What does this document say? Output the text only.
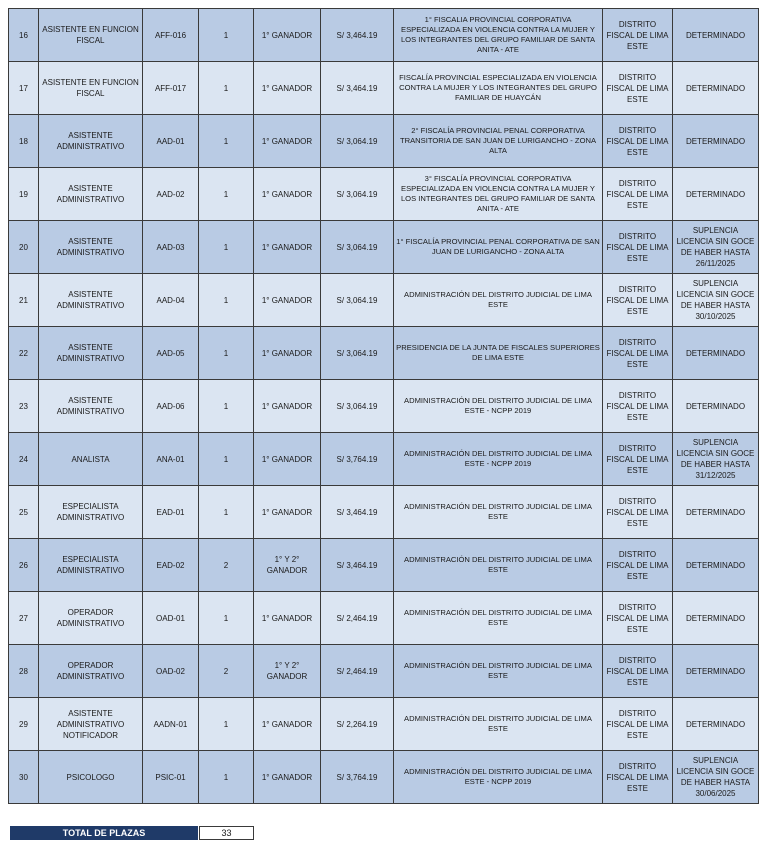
16	ASISTENTE EN FUNCION FISCAL	AFF-016	1	1° GANADOR	S/ 3,464.19	1° FISCALIA PROVINCIAL CORPORATIVA ESPECIALIZADA EN VIOLENCIA CONTRA LA MUJER Y LOS INTEGRANTES DEL GRUPO FAMILIAR DE SANTA ANITA - ATE	DISTRITO FISCAL DE LIMA ESTE	DETERMINADO
17	ASISTENTE EN FUNCION FISCAL	AFF-017	1	1° GANADOR	S/ 3,464.19	FISCALÍA PROVINCIAL ESPECIALIZADA EN VIOLENCIA CONTRA LA MUJER Y LOS INTEGRANTES DEL GRUPO FAMILIAR DE HUAYCÁN	DISTRITO FISCAL DE LIMA ESTE	DETERMINADO
18	ASISTENTE ADMINISTRATIVO	AAD-01	1	1° GANADOR	S/ 3,064.19	2° FISCALÍA PROVINCIAL PENAL CORPORATIVA TRANSITORIA DE SAN JUAN DE LURIGANCHO - ZONA ALTA	DISTRITO FISCAL DE LIMA ESTE	DETERMINADO
19	ASISTENTE ADMINISTRATIVO	AAD-02	1	1° GANADOR	S/ 3,064.19	3° FISCALÍA PROVINCIAL CORPORATIVA ESPECIALIZADA EN VIOLENCIA CONTRA LA MUJER Y LOS INTEGRANTES DEL GRUPO FAMILIAR DE SANTA ANITA - ATE	DISTRITO FISCAL DE LIMA ESTE	DETERMINADO
20	ASISTENTE ADMINISTRATIVO	AAD-03	1	1° GANADOR	S/ 3,064.19	1° FISCALÍA PROVINCIAL PENAL CORPORATIVA DE SAN JUAN DE LURIGANCHO - ZONA ALTA	DISTRITO FISCAL DE LIMA ESTE	SUPLENCIA LICENCIA SIN GOCE DE HABER HASTA 26/11/2025
21	ASISTENTE ADMINISTRATIVO	AAD-04	1	1° GANADOR	S/ 3,064.19	ADMINISTRACIÓN DEL DISTRITO JUDICIAL DE LIMA ESTE	DISTRITO FISCAL DE LIMA ESTE	SUPLENCIA LICENCIA SIN GOCE DE HABER HASTA 30/10/2025
22	ASISTENTE ADMINISTRATIVO	AAD-05	1	1° GANADOR	S/ 3,064.19	PRESIDENCIA DE LA JUNTA DE FISCALES SUPERIORES DE LIMA ESTE	DISTRITO FISCAL DE LIMA ESTE	DETERMINADO
23	ASISTENTE ADMINISTRATIVO	AAD-06	1	1° GANADOR	S/ 3,064.19	ADMINISTRACIÓN DEL DISTRITO JUDICIAL DE LIMA ESTE - NCPP 2019	DISTRITO FISCAL DE LIMA ESTE	DETERMINADO
24	ANALISTA	ANA-01	1	1° GANADOR	S/ 3,764.19	ADMINISTRACIÓN DEL DISTRITO JUDICIAL DE LIMA ESTE - NCPP 2019	DISTRITO FISCAL DE LIMA ESTE	SUPLENCIA LICENCIA SIN GOCE DE HABER HASTA 31/12/2025
25	ESPECIALISTA ADMINISTRATIVO	EAD-01	1	1° GANADOR	S/ 3,464.19	ADMINISTRACIÓN DEL DISTRITO JUDICIAL DE LIMA ESTE	DISTRITO FISCAL DE LIMA ESTE	DETERMINADO
26	ESPECIALISTA ADMINISTRATIVO	EAD-02	2	1° Y 2° GANADOR	S/ 3,464.19	ADMINISTRACIÓN DEL DISTRITO JUDICIAL DE LIMA ESTE	DISTRITO FISCAL DE LIMA ESTE	DETERMINADO
27	OPERADOR ADMINISTRATIVO	OAD-01	1	1° GANADOR	S/ 2,464.19	ADMINISTRACIÓN DEL DISTRITO JUDICIAL DE LIMA ESTE	DISTRITO FISCAL DE LIMA ESTE	DETERMINADO
28	OPERADOR ADMINISTRATIVO	OAD-02	2	1° Y 2° GANADOR	S/ 2,464.19	ADMINISTRACIÓN DEL DISTRITO JUDICIAL DE LIMA ESTE	DISTRITO FISCAL DE LIMA ESTE	DETERMINADO
29	ASISTENTE ADMINISTRATIVO NOTIFICADOR	AADN-01	1	1° GANADOR	S/ 2,264.19	ADMINISTRACIÓN DEL DISTRITO JUDICIAL DE LIMA ESTE	DISTRITO FISCAL DE LIMA ESTE	DETERMINADO
30	PSICOLOGO	PSIC-01	1	1° GANADOR	S/ 3,764.19	ADMINISTRACIÓN DEL DISTRITO JUDICIAL DE LIMA ESTE - NCPP 2019	DISTRITO FISCAL DE LIMA ESTE	SUPLENCIA LICENCIA SIN GOCE DE HABER HASTA 30/06/2025
TOTAL DE PLAZAS	33
